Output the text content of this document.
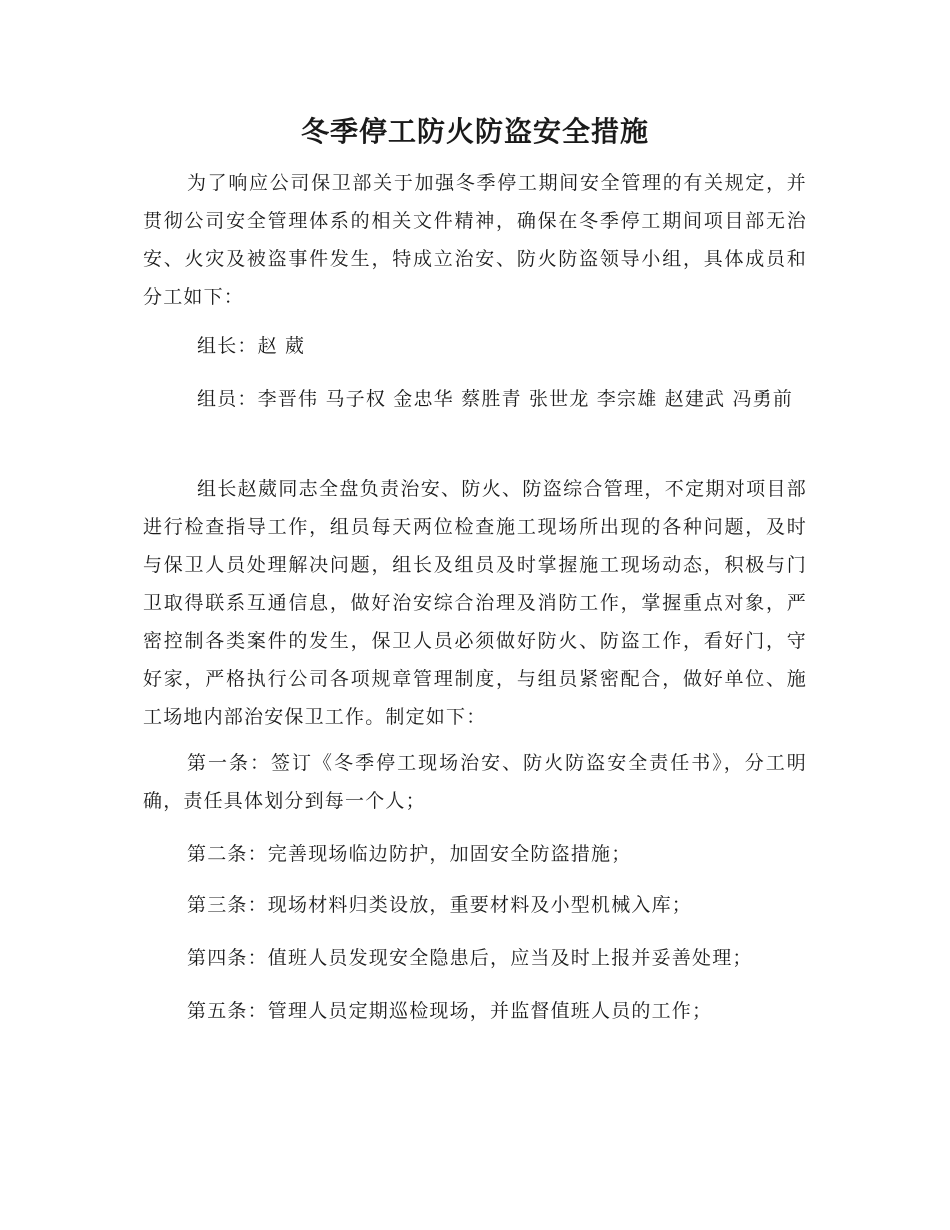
冬季停工防火防盗安全措施

为了响应公司保卫部关于加强冬季停工期间安全管理的有关规定，并贯彻公司安全管理体系的相关文件精神，确保在冬季停工期间项目部无治安、火灾及被盗事件发生，特成立治安、防火防盗领导小组，具体成员和分工如下：

组长：赵 葳

组员：李晋伟 马子权 金忠华 蔡胜青 张世龙 李宗雄 赵建武 冯勇前

组长赵葳同志全盘负责治安、防火、防盗综合管理，不定期对项目部进行检查指导工作，组员每天两位检查施工现场所出现的各种问题，及时与保卫人员处理解决问题，组长及组员及时掌握施工现场动态，积极与门卫取得联系互通信息，做好治安综合治理及消防工作，掌握重点对象，严密控制各类案件的发生，保卫人员必须做好防火、防盗工作，看好门，守好家，严格执行公司各项规章管理制度，与组员紧密配合，做好单位、施工场地内部治安保卫工作。制定如下：

第一条：签订《冬季停工现场治安、防火防盗安全责任书》，分工明确，责任具体划分到每一个人；

第二条：完善现场临边防护，加固安全防盗措施；

第三条：现场材料归类设放，重要材料及小型机械入库；

第四条：值班人员发现安全隐患后，应当及时上报并妥善处理；

第五条：管理人员定期巡检现场，并监督值班人员的工作；
